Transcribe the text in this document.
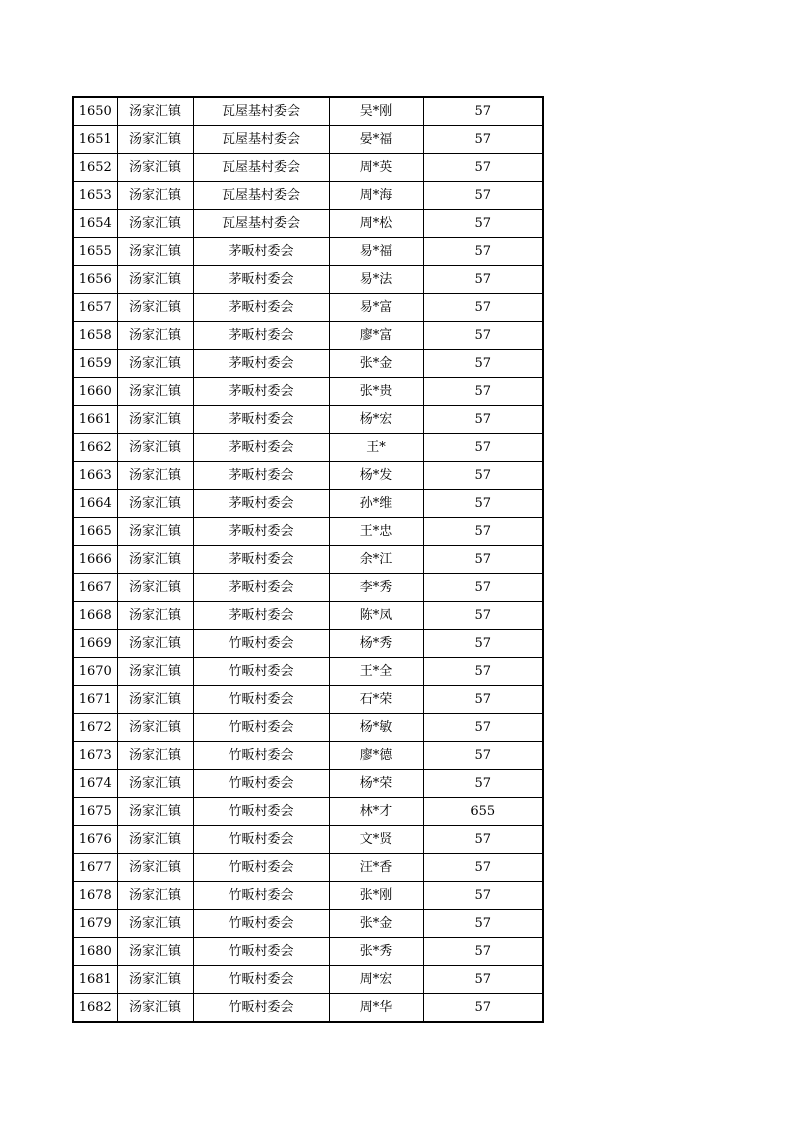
1650	汤家汇镇	瓦屋基村委会	吴*刚	57
1651	汤家汇镇	瓦屋基村委会	晏*福	57
1652	汤家汇镇	瓦屋基村委会	周*英	57
1653	汤家汇镇	瓦屋基村委会	周*海	57
1654	汤家汇镇	瓦屋基村委会	周*松	57
1655	汤家汇镇	茅畈村委会	易*福	57
1656	汤家汇镇	茅畈村委会	易*法	57
1657	汤家汇镇	茅畈村委会	易*富	57
1658	汤家汇镇	茅畈村委会	廖*富	57
1659	汤家汇镇	茅畈村委会	张*金	57
1660	汤家汇镇	茅畈村委会	张*贵	57
1661	汤家汇镇	茅畈村委会	杨*宏	57
1662	汤家汇镇	茅畈村委会	王*	57
1663	汤家汇镇	茅畈村委会	杨*发	57
1664	汤家汇镇	茅畈村委会	孙*维	57
1665	汤家汇镇	茅畈村委会	王*忠	57
1666	汤家汇镇	茅畈村委会	余*江	57
1667	汤家汇镇	茅畈村委会	李*秀	57
1668	汤家汇镇	茅畈村委会	陈*凤	57
1669	汤家汇镇	竹畈村委会	杨*秀	57
1670	汤家汇镇	竹畈村委会	王*全	57
1671	汤家汇镇	竹畈村委会	石*荣	57
1672	汤家汇镇	竹畈村委会	杨*敏	57
1673	汤家汇镇	竹畈村委会	廖*德	57
1674	汤家汇镇	竹畈村委会	杨*荣	57
1675	汤家汇镇	竹畈村委会	林*才	655
1676	汤家汇镇	竹畈村委会	文*贤	57
1677	汤家汇镇	竹畈村委会	汪*香	57
1678	汤家汇镇	竹畈村委会	张*刚	57
1679	汤家汇镇	竹畈村委会	张*金	57
1680	汤家汇镇	竹畈村委会	张*秀	57
1681	汤家汇镇	竹畈村委会	周*宏	57
1682	汤家汇镇	竹畈村委会	周*华	57
